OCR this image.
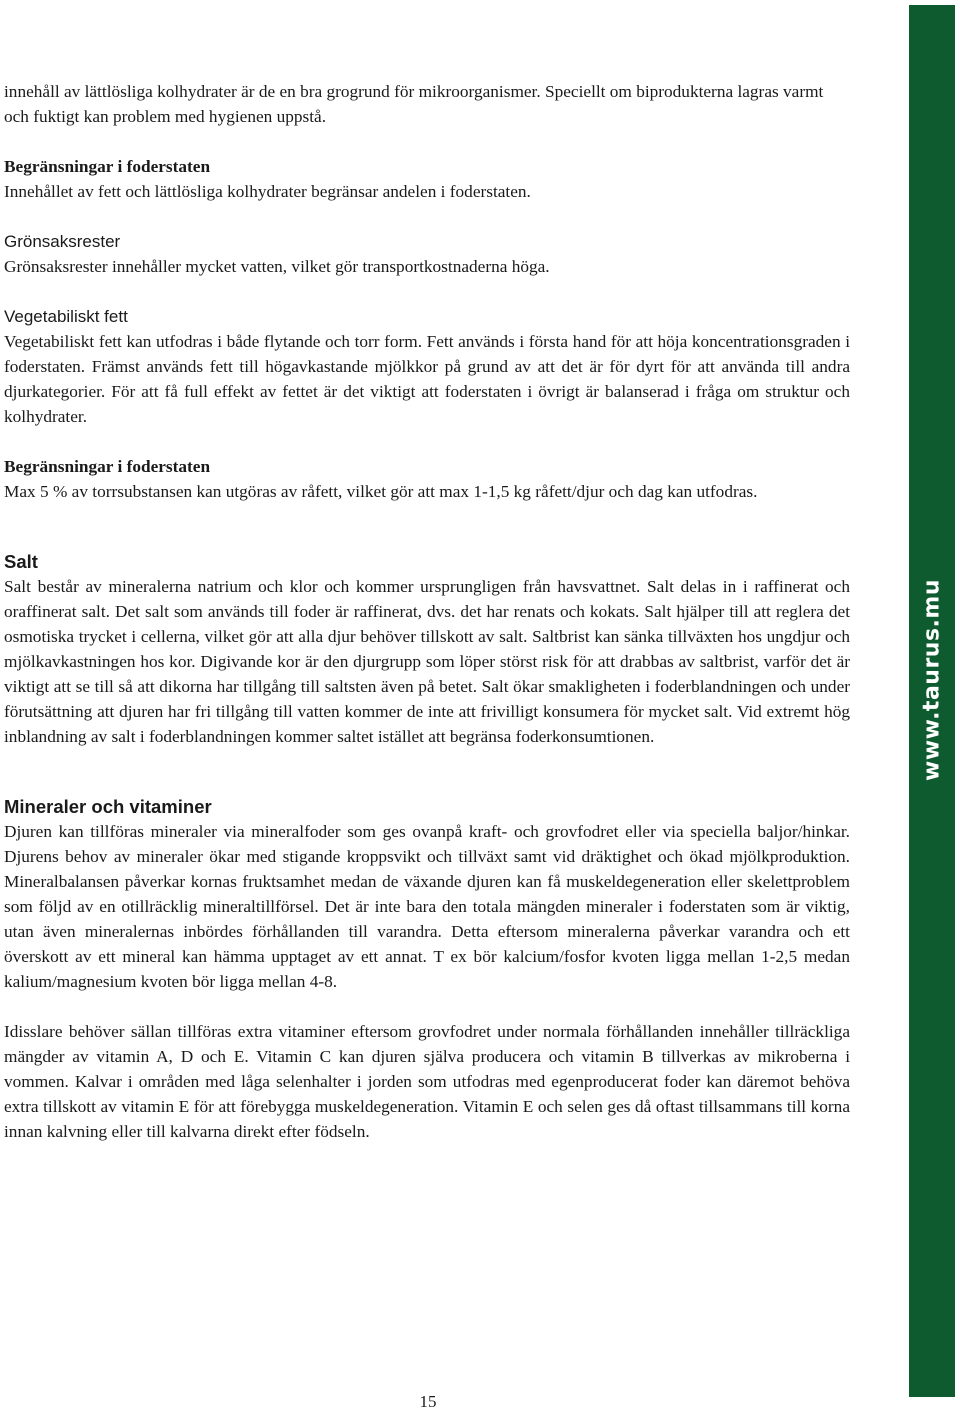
www.taurus.mu

innehåll av lättlösliga kolhydrater är de en bra grogrund för mikroorganismer. Speciellt om biprodukterna lagras varmt och fuktigt kan problem med hygienen uppstå.

Begränsningar i foderstaten

Innehållet av fett och lättlösliga kolhydrater begränsar andelen i foderstaten.

Grönsaksrester

Grönsaksrester innehåller mycket vatten, vilket gör transportkostnaderna höga.

Vegetabiliskt fett

Vegetabiliskt fett kan utfodras i både flytande och torr form. Fett används i första hand för att höja koncentrationsgraden i foderstaten. Främst används fett till högavkastande mjölkkor på grund av att det är för dyrt för att använda till andra djurkategorier. För att få full effekt av fettet är det viktigt att foderstaten i övrigt är balanserad i fråga om struktur och kolhydrater.

Begränsningar i foderstaten

Max 5 % av torrsubstansen kan utgöras av råfett, vilket gör att max 1-1,5 kg råfett/djur och dag kan utfodras.

Salt

Salt består av mineralerna natrium och klor och kommer ursprungligen från havsvattnet. Salt delas in i raffinerat och oraffinerat salt. Det salt som används till foder är raffinerat, dvs. det har renats och kokats. Salt hjälper till att reglera det osmotiska trycket i cellerna, vilket gör att alla djur behöver tillskott av salt. Saltbrist kan sänka tillväxten hos ungdjur och mjölkavkastningen hos kor. Digivande kor är den djurgrupp som löper störst risk för att drabbas av saltbrist, varför det är viktigt att se till så att dikorna har tillgång till saltsten även på betet. Salt ökar smakligheten i foderblandningen och under förutsättning att djuren har fri tillgång till vatten kommer de inte att frivilligt konsumera för mycket salt. Vid extremt hög inblandning av salt i foderblandningen kommer saltet istället att begränsa foderkonsumtionen.

Mineraler och vitaminer

Djuren kan tillföras mineraler via mineralfoder som ges ovanpå kraft- och grovfodret eller via speciella baljor/hinkar. Djurens behov av mineraler ökar med stigande kroppsvikt och tillväxt samt vid dräktighet och ökad mjölkproduktion. Mineralbalansen påverkar kornas fruktsamhet medan de växande djuren kan få muskeldegeneration eller skelettproblem som följd av en otillräcklig mineraltillförsel. Det är inte bara den totala mängden mineraler i foderstaten som är viktig, utan även mineralernas inbördes förhållanden till varandra. Detta eftersom mineralerna påverkar varandra och ett överskott av ett mineral kan hämma upptaget av ett annat. T ex bör kalcium/fosfor kvoten ligga mellan 1-2,5 medan kalium/magnesium kvoten bör ligga mellan 4-8.

Idisslare behöver sällan tillföras extra vitaminer eftersom grovfodret under normala förhållanden innehåller tillräckliga mängder av vitamin A, D och E. Vitamin C kan djuren själva producera och vitamin B tillverkas av mikroberna i vommen. Kalvar i områden med låga selenhalter i jorden som utfodras med egenproducerat foder kan däremot behöva extra tillskott av vitamin E för att förebygga muskeldegeneration. Vitamin E och selen ges då oftast tillsammans till korna innan kalvning eller till kalvarna direkt efter födseln.

15
